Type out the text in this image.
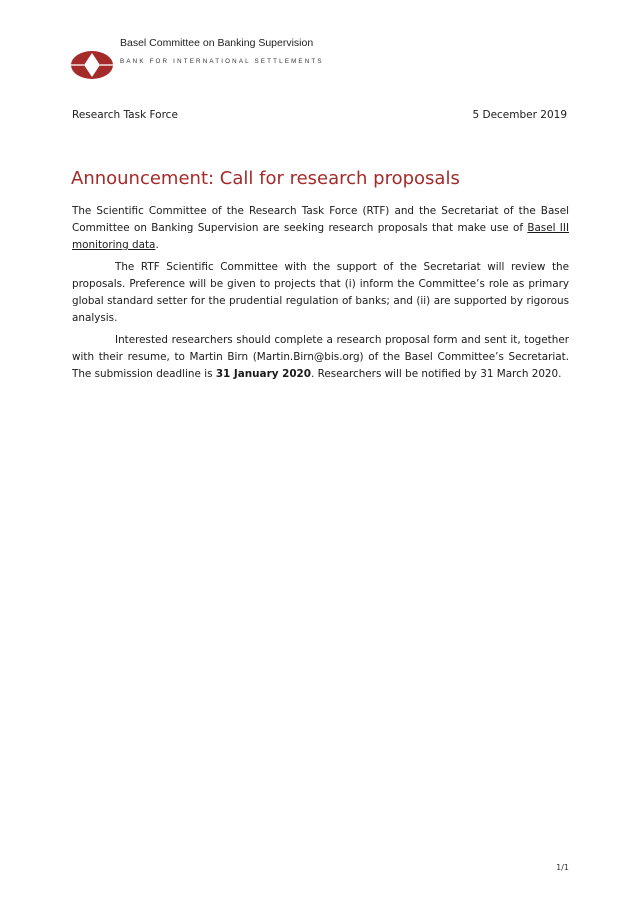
Basel Committee on Banking Supervision
BANK FOR INTERNATIONAL SETTLEMENTS
Research Task Force	5 December 2019
Announcement: Call for research proposals

The Scientific Committee of the Research Task Force (RTF) and the Secretariat of the Basel Committee on Banking Supervision are seeking research proposals that make use of Basel III monitoring data.

The RTF Scientific Committee with the support of the Secretariat will review the proposals. Preference will be given to projects that (i) inform the Committee’s role as primary global standard setter for the prudential regulation of banks; and (ii) are supported by rigorous analysis.

Interested researchers should complete a research proposal form and sent it, together with their resume, to Martin Birn (Martin.Birn@bis.org) of the Basel Committee’s Secretariat. The submission deadline is 31 January 2020. Researchers will be notified by 31 March 2020.

1/1
